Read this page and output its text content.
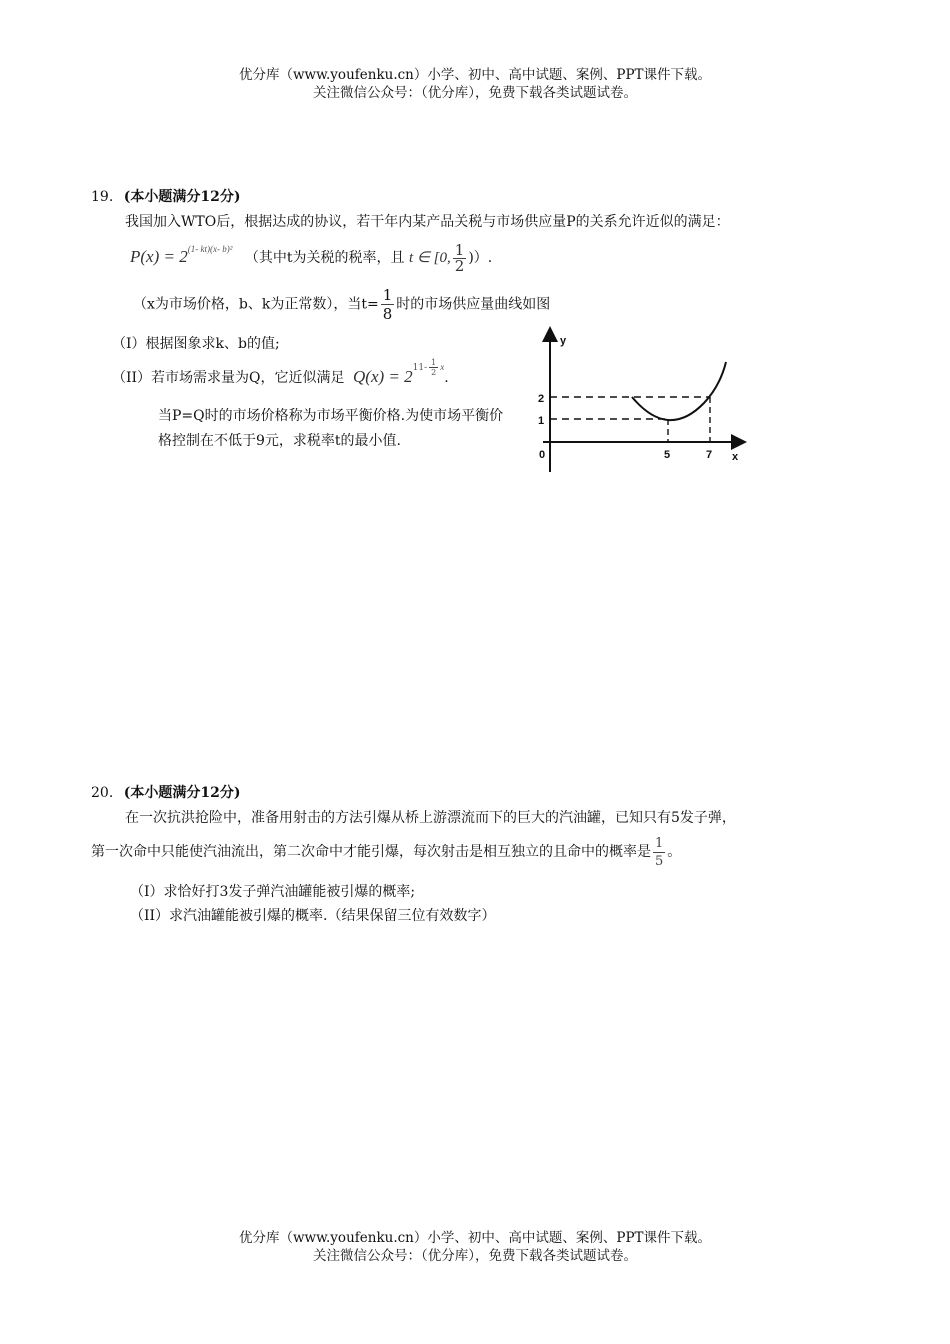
优分库（www.youfenku.cn）小学、初中、高中试题、案例、PPT课件下载。
关注微信公众号：（优分库），免费下载各类试题试卷。
19. (本小题满分12分)
我国加入WTO后，根据达成的协议，若干年内某产品关税与市场供应量P的关系允许近似的满足：
$P(x) = 2^{(1- kt)(x- b)^2}$ （其中t为关税的税率，且 t ∈ [0, $\frac{1}{2}$ )）.
（x为市场价格，b、k为正常数），当$t= \frac{1}{8}$ 时的市场供应量曲线如图
（I）根据图象求k、b的值;
（II）若市场需求量为Q，它近似满足 $Q(x) = 2^{11- \frac{1}{2} x}$.
当P=Q时的市场价格称为市场平衡价格.为使市场平衡价格控制在不低于9元，求税率t的最小值.
y
x
0
2
1
5	7
20. (本小题满分12分)
在一次抗洪抢险中，准备用射击的方法引爆从桥上游漂流而下的巨大的汽油罐，已知只有5发子弹，
第一次命中只能使汽油流出，第二次命中才能引爆，每次射击是相互独立的且命中的概率是 $\frac{1}{5}$ 。
（I）求恰好打3发子弹汽油罐能被引爆的概率;
（II）求汽油罐能被引爆的概率.（结果保留三位有效数字）
优分库（www.youfenku.cn）小学、初中、高中试题、案例、PPT课件下载。
关注微信公众号：（优分库），免费下载各类试题试卷。
